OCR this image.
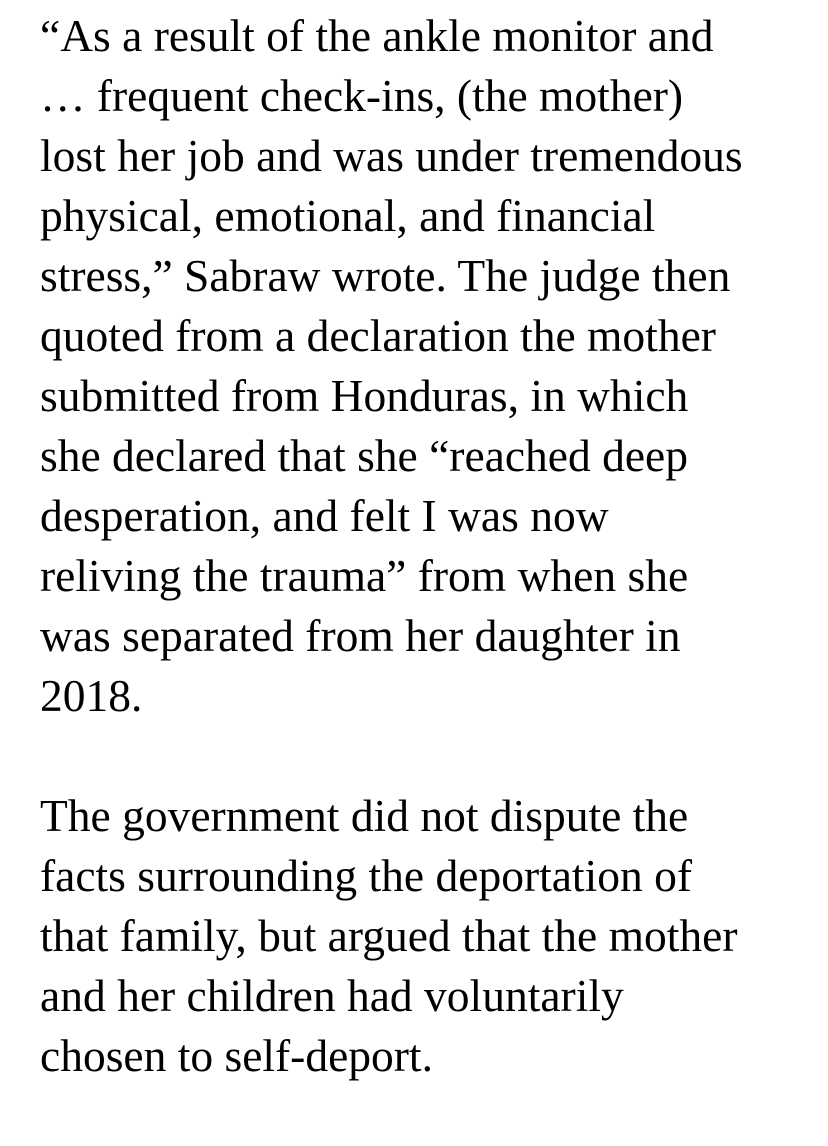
“As a result of the ankle monitor and
… frequent check-ins, (the mother)
lost her job and was under tremendous
physical, emotional, and financial
stress,” Sabraw wrote. The judge then
quoted from a declaration the mother
submitted from Honduras, in which
she declared that she “reached deep
desperation, and felt I was now
reliving the trauma” from when she
was separated from her daughter in
2018.

The government did not dispute the
facts surrounding the deportation of
that family, but argued that the mother
and her children had voluntarily
chosen to self-deport.
